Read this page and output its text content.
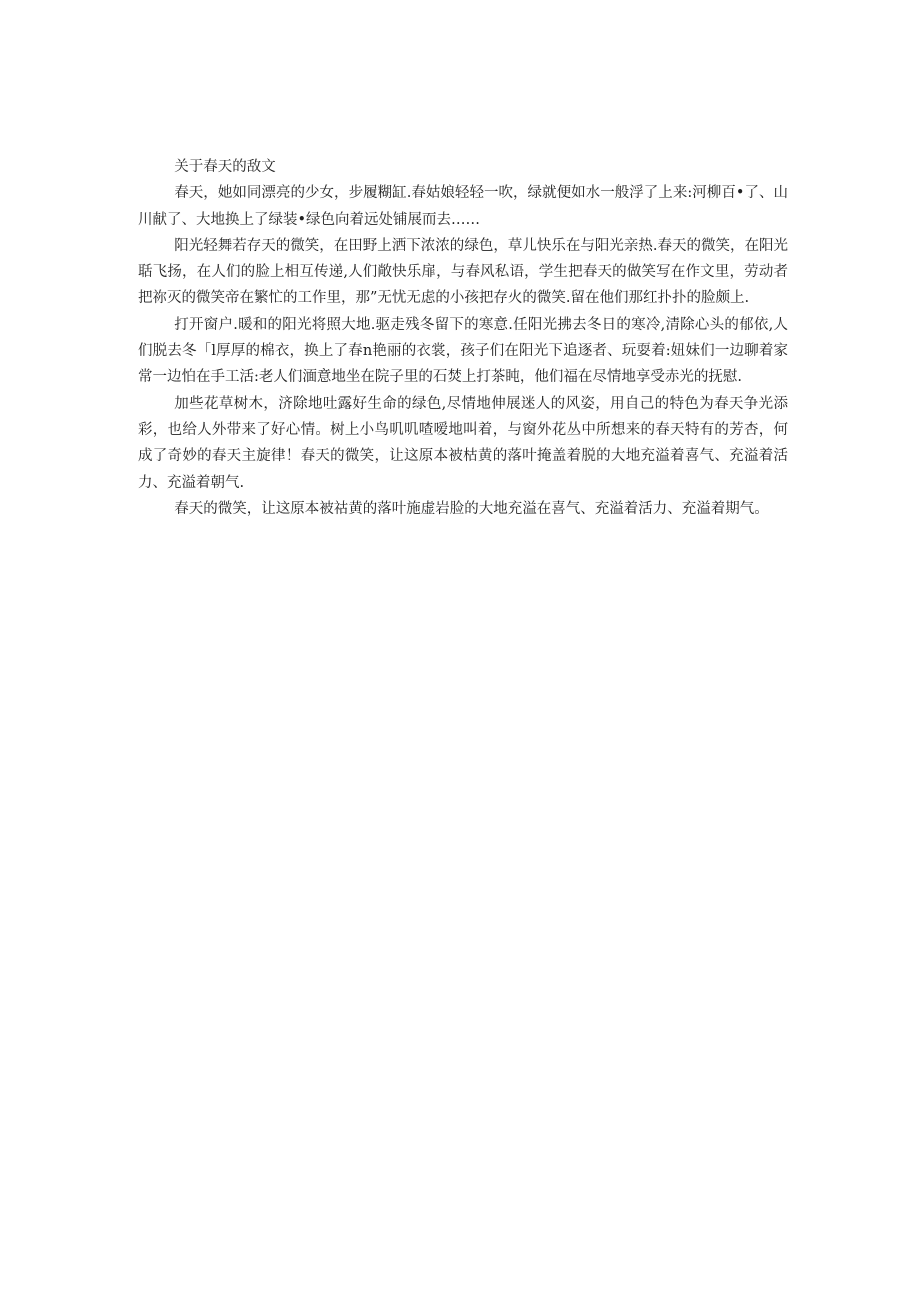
关于春天的敌文

春天，她如同漂亮的少女，步履糊缸.春姑娘轻轻一吹，绿就便如水一般浮了上来:河柳百•了、山川献了、大地换上了绿装•绿色向着远处铺展而去……

阳光轻舞若存天的微笑，在田野上洒下浓浓的绿色，草儿快乐在与阳光亲热.春天的微笑，在阳光聒飞扬，在人们的脸上相互传递,人们敞快乐扉，与春风私语，学生把春天的做笑写在作文里，劳动者把祢灭的微笑帝在繁忙的工作里，那”无忧无虑的小孩把存火的微笑.留在他们那红扑扑的脸颇上.

打开窗户.暖和的阳光将照大地.驱走残冬留下的寒意.任阳光拂去冬日的寒冷,清除心头的郁依,人们脱去冬「l厚厚的棉衣，换上了春n艳丽的衣裳，孩子们在阳光下追逐者、玩耍着:妞妹们一边聊着家常一边怕在手工活:老人们湎意地坐在院子里的石焚上打茶盹，他们福在尽情地享受赤光的抚慰.

加些花草树木，济除地吐露好生命的绿色,尽情地伸展迷人的风姿，用自己的特色为春天争光添彩，也给人外带来了好心情。树上小鸟叽叽喳嗳地叫着，与窗外花丛中所想来的春天特有的芳杏，何成了奇妙的春天主旋律！春天的微笑，让这原本被枯黄的落叶掩盖着脱的大地充溢着喜气、充溢着活力、充溢着朝气.

春天的微笑，让这原本被祜黄的落叶施虚岩脸的大地充溢在喜气、充溢着活力、充溢着期气。
